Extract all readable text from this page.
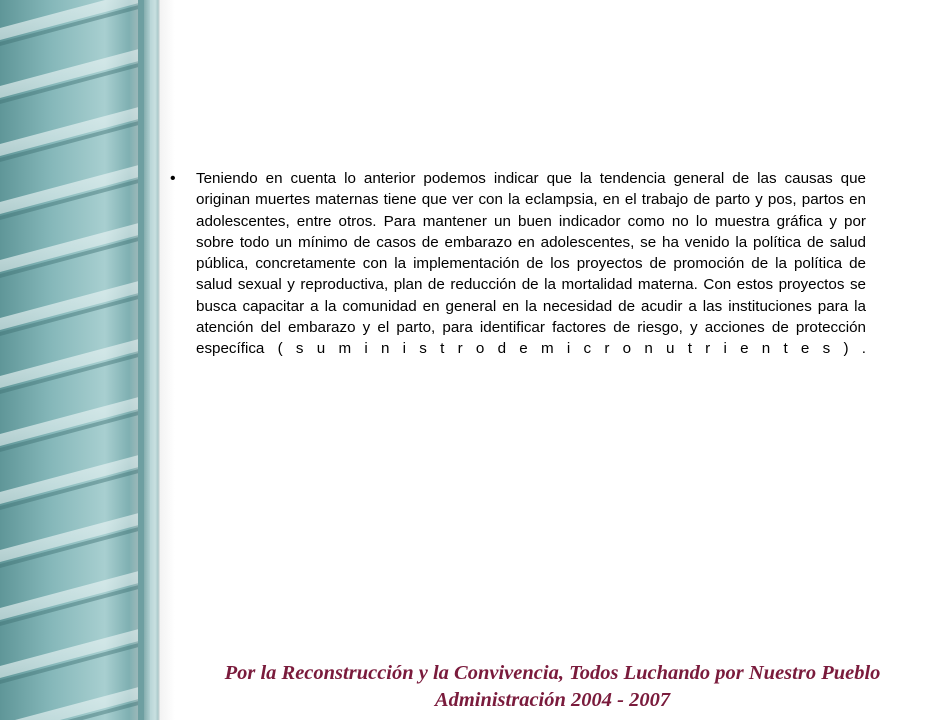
• Teniendo en cuenta lo anterior podemos indicar que la tendencia general de las causas que originan muertes maternas tiene que ver con la eclampsia, en el trabajo de parto y pos, partos en adolescentes, entre otros. Para mantener un buen indicador como no lo muestra gráfica y por sobre todo un mínimo de casos de embarazo en adolescentes, se ha venido la política de salud pública, concretamente con la implementación de los proyectos de promoción de la política de salud sexual y reproductiva, plan de reducción de la mortalidad materna. Con estos proyectos se busca capacitar a la comunidad en general en la necesidad de acudir a las instituciones para la atención del embarazo y el parto, para identificar factores de riesgo, y acciones de protección específica ( s u m i n i s t r o d e m i c r o n u t r i e n t e s ) .

Por la Reconstrucción y la Convivencia, Todos Luchando por Nuestro Pueblo
Administración 2004 - 2007
